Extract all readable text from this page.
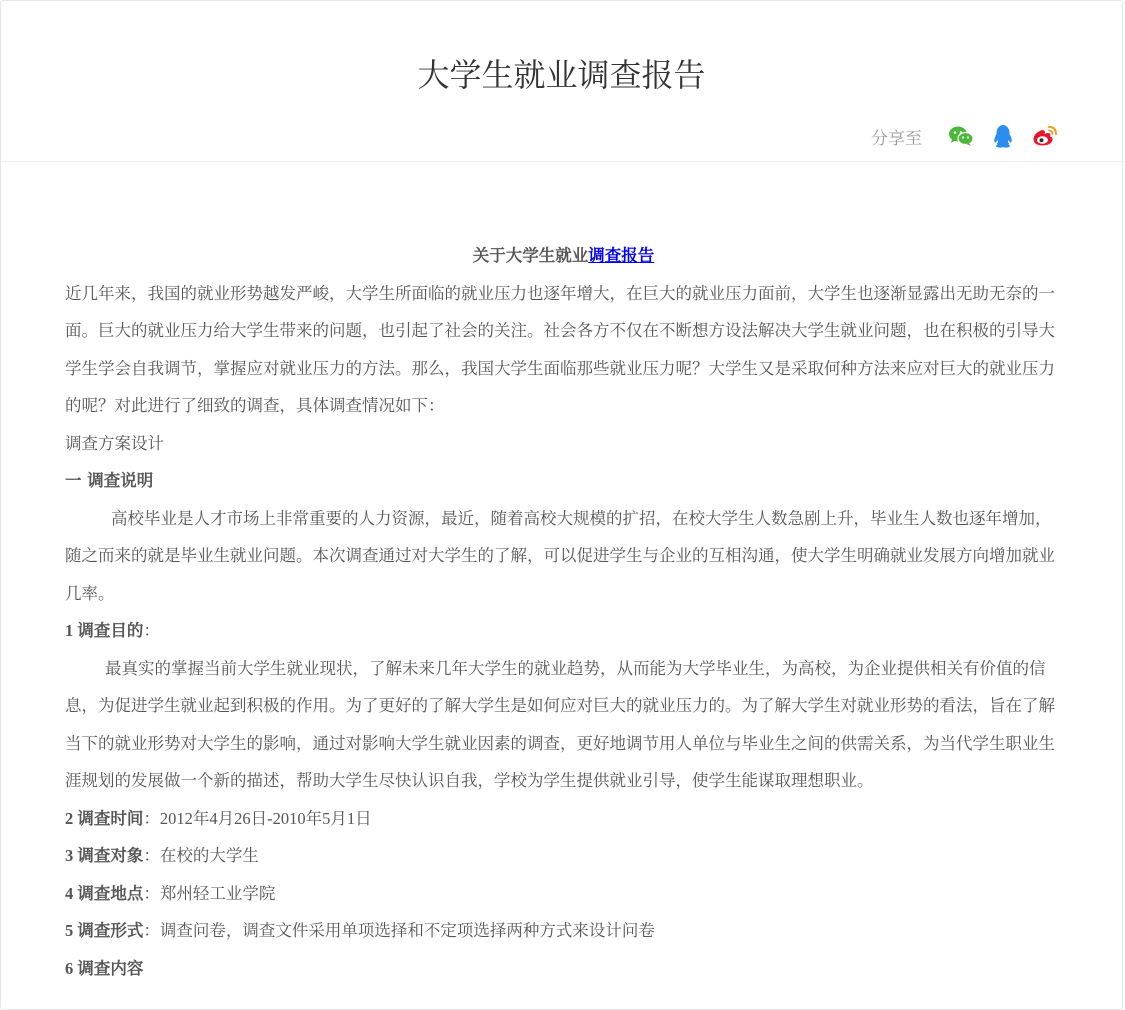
大学生就业调查报告
分享至

关于大学生就业调查报告

近几年来，我国的就业形势越发严峻，大学生所面临的就业压力也逐年增大，在巨大的就业压力面前，大学生也逐渐显露出无助无奈的一面。巨大的就业压力给大学生带来的问题，也引起了社会的关注。社会各方不仅在不断想方设法解决大学生就业问题，也在积极的引导大学生学会自我调节，掌握应对就业压力的方法。那么，我国大学生面临那些就业压力呢？大学生又是采取何种方法来应对巨大的就业压力的呢？对此进行了细致的调查，具体调查情况如下：

调查方案设计

一 调查说明

高校毕业是人才市场上非常重要的人力资源，最近，随着高校大规模的扩招，在校大学生人数急剧上升，毕业生人数也逐年增加，随之而来的就是毕业生就业问题。本次调查通过对大学生的了解，可以促进学生与企业的互相沟通，使大学生明确就业发展方向增加就业几率。

1 调查目的：

最真实的掌握当前大学生就业现状，了解未来几年大学生的就业趋势，从而能为大学毕业生，为高校，为企业提供相关有价值的信息，为促进学生就业起到积极的作用。为了更好的了解大学生是如何应对巨大的就业压力的。为了解大学生对就业形势的看法，旨在了解当下的就业形势对大学生的影响，通过对影响大学生就业因素的调查，更好地调节用人单位与毕业生之间的供需关系，为当代学生职业生涯规划的发展做一个新的描述，帮助大学生尽快认识自我，学校为学生提供就业引导，使学生能谋取理想职业。

2 调查时间：2012年4月26日-2010年5月1日

3 调查对象：在校的大学生

4 调查地点：郑州轻工业学院

5 调查形式：调查问卷，调查文件采用单项选择和不定项选择两种方式来设计问卷

6 调查内容
